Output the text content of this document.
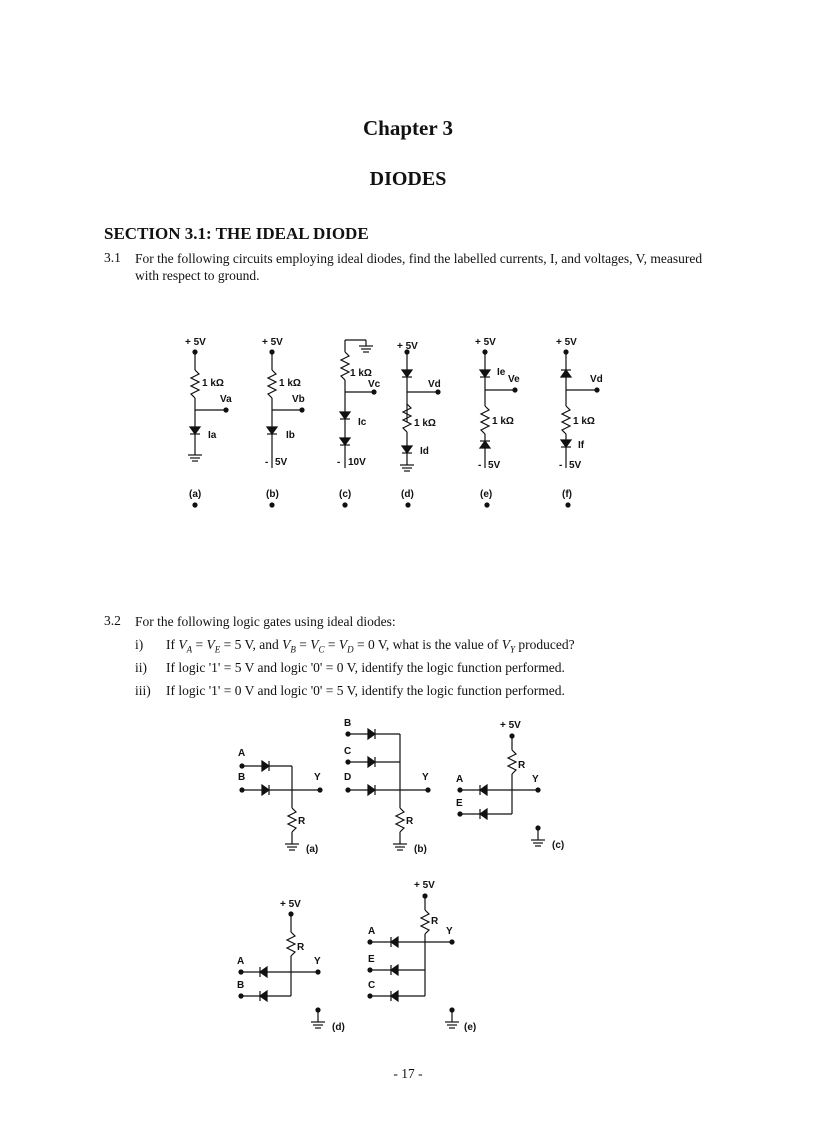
Chapter 3
DIODES
SECTION 3.1: THE IDEAL DIODE
3.1 For the following circuits employing ideal diodes, find the labelled currents, I, and voltages, V, measured
with respect to ground.
+ 5V
1 kΩ
Va
Ia
(a)
+ 5V
1 kΩ
Vb
Ib
- 5V
(b)
1 kΩ
Vc
Ic
- 10V
(c)
+ 5V
Vd
1 kΩ
Id
(d)
+ 5V
Ie
Ve
1 kΩ
- 5V
(e)
+ 5V
Vd
1 kΩ
If
- 5V
(f)
3.2 For the following logic gates using ideal diodes:
i) If $V_A = V_E = 5$ V, and $V_B = V_C = V_D = 0$ V, what is the value of $V_Y$ produced?
ii) If logic '1' = 5 V and logic '0' = 0 V, identify the logic function performed.
iii) If logic '1' = 0 V and logic '0' = 5 V, identify the logic function performed.
A
B	Y
R
(a)
B
C
D	Y
R
(b)
+ 5V
R
A	Y
E
(c)
+ 5V
R
A	Y
B
(d)
+ 5V
R
A	Y
E
C
(e)
- 17 -
